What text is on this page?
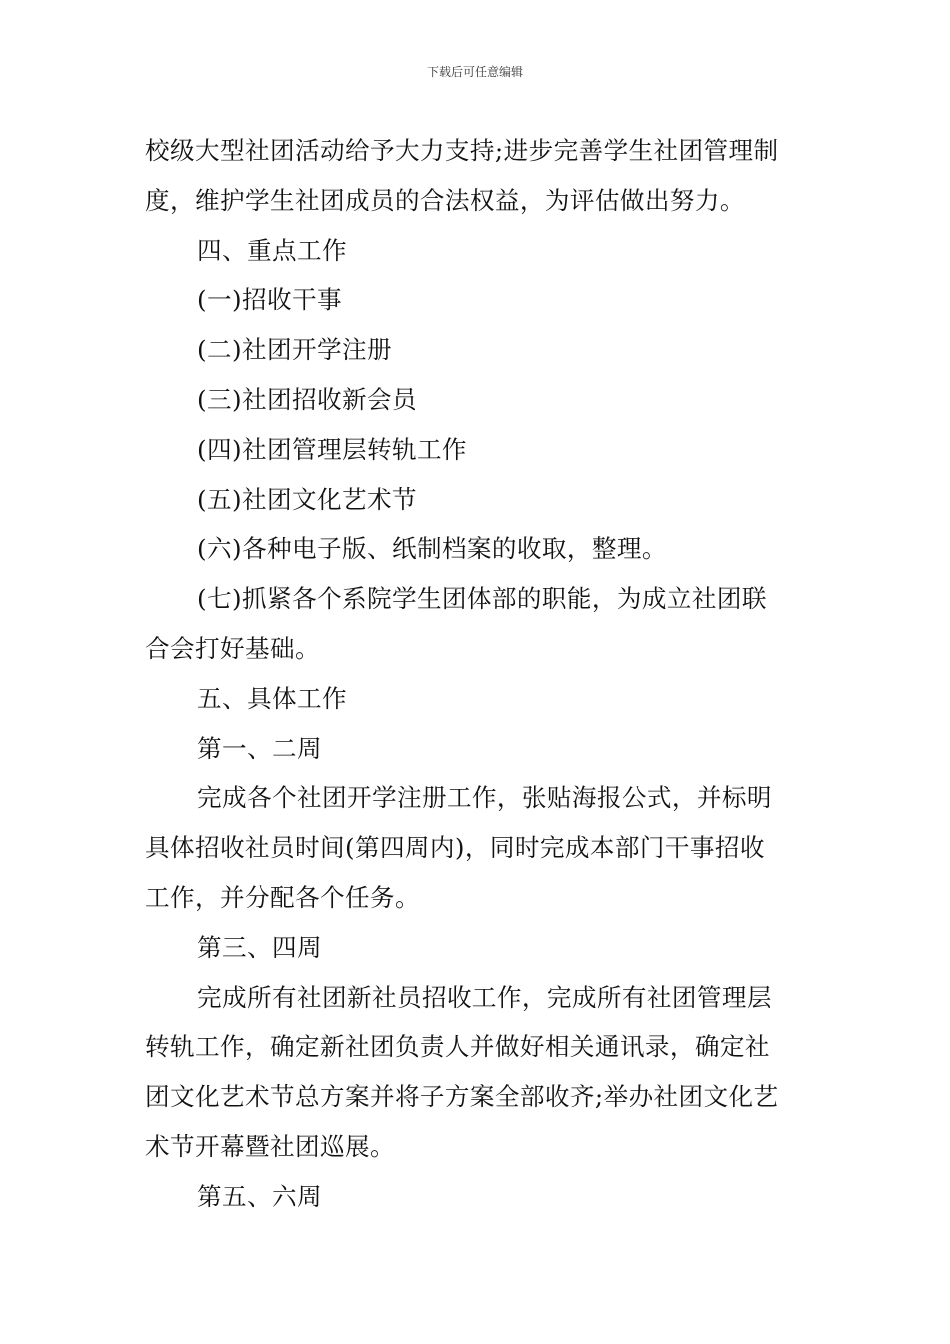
下载后可任意编辑
校级大型社团活动给予大力支持;进步完善学生社团管理制
度，维护学生社团成员的合法权益，为评估做出努力。
四、重点工作
(一)招收干事
(二)社团开学注册
(三)社团招收新会员
(四)社团管理层转轨工作
(五)社团文化艺术节
(六)各种电子版、纸制档案的收取，整理。
(七)抓紧各个系院学生团体部的职能，为成立社团联
合会打好基础。
五、具体工作
第一、二周
完成各个社团开学注册工作，张贴海报公式，并标明
具体招收社员时间(第四周内)，同时完成本部门干事招收
工作，并分配各个任务。
第三、四周
完成所有社团新社员招收工作，完成所有社团管理层
转轨工作，确定新社团负责人并做好相关通讯录，确定社
团文化艺术节总方案并将子方案全部收齐;举办社团文化艺
术节开幕暨社团巡展。
第五、六周
